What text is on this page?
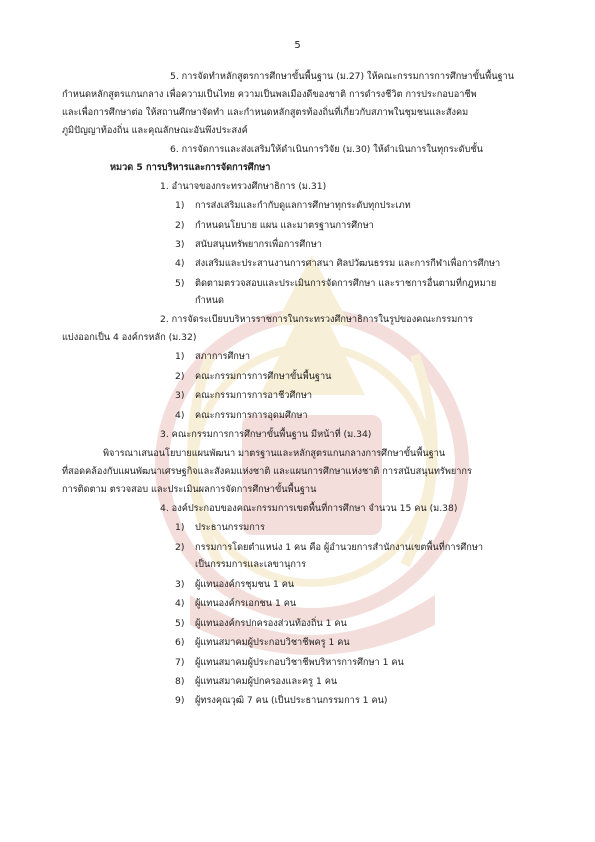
5
5. การจัดทำหลักสูตรการศึกษาขั้นพื้นฐาน (ม.27) ให้คณะกรรมการการศึกษาขั้นพื้นฐาน
กำหนดหลักสูตรแกนกลาง เพื่อความเป็นไทย ความเป็นพลเมืองดีของชาติ การดำรงชีวิต การประกอบอาชีพ
และเพื่อการศึกษาต่อ ให้สถานศึกษาจัดทำ และกำหนดหลักสูตรท้องถิ่นที่เกี่ยวกับสภาพในชุมชนและสังคม
ภูมิปัญญาท้องถิ่น และคุณลักษณะอันพึงประสงค์
6. การจัดการและส่งเสริมให้ดำเนินการวิจัย (ม.30) ให้ดำเนินการในทุกระดับชั้น
หมวด 5 การบริหารและการจัดการศึกษา
1. อำนาจของกระทรวงศึกษาธิการ (ม.31)
1) การส่งเสริมและกำกับดูแลการศึกษาทุกระดับทุกประเภท
2) กำหนดนโยบาย แผน และมาตรฐานการศึกษา
3) สนับสนุนทรัพยากรเพื่อการศึกษา
4) ส่งเสริมและประสานงานการศาสนา ศิลปวัฒนธรรม และการกีฬาเพื่อการศึกษา
5) ติดตามตรวจสอบและประเมินการจัดการศึกษา และราชการอื่นตามที่กฎหมาย
กำหนด
2. การจัดระเบียบบริหารราชการในกระทรวงศึกษาธิการในรูปของคณะกรรมการ
แบ่งออกเป็น 4 องค์กรหลัก (ม.32)
1) สภาการศึกษา
2) คณะกรรมการการศึกษาขั้นพื้นฐาน
3) คณะกรรมการการอาชีวศึกษา
4) คณะกรรมการการอุดมศึกษา
3. คณะกรรมการการศึกษาขั้นพื้นฐาน มีหน้าที่ (ม.34)
พิจารณาเสนอนโยบายแผนพัฒนา มาตรฐานและหลักสูตรแกนกลางการศึกษาขั้นพื้นฐาน
ที่สอดคล้องกับแผนพัฒนาเศรษฐกิจและสังคมแห่งชาติ และแผนการศึกษาแห่งชาติ การสนับสนุนทรัพยากร
การติดตาม ตรวจสอบ และประเมินผลการจัดการศึกษาขั้นพื้นฐาน
4. องค์ประกอบของคณะกรรมการเขตพื้นที่การศึกษา จำนวน 15 คน (ม.38)
1) ประธานกรรมการ
2) กรรมการโดยตำแหน่ง 1 คน คือ ผู้อำนวยการสำนักงานเขตพื้นที่การศึกษา
เป็นกรรมการและเลขานุการ
3) ผู้แทนองค์กรชุมชน 1 คน
4) ผู้แทนองค์กรเอกชน 1 คน
5) ผู้แทนองค์กรปกครองส่วนท้องถิ่น 1 คน
6) ผู้แทนสมาคมผู้ประกอบวิชาชีพครู 1 คน
7) ผู้แทนสมาคมผู้ประกอบวิชาชีพบริหารการศึกษา 1 คน
8) ผู้แทนสมาคมผู้ปกครองและครู 1 คน
9) ผู้ทรงคุณวุฒิ 7 คน (เป็นประธานกรรมการ 1 คน)
